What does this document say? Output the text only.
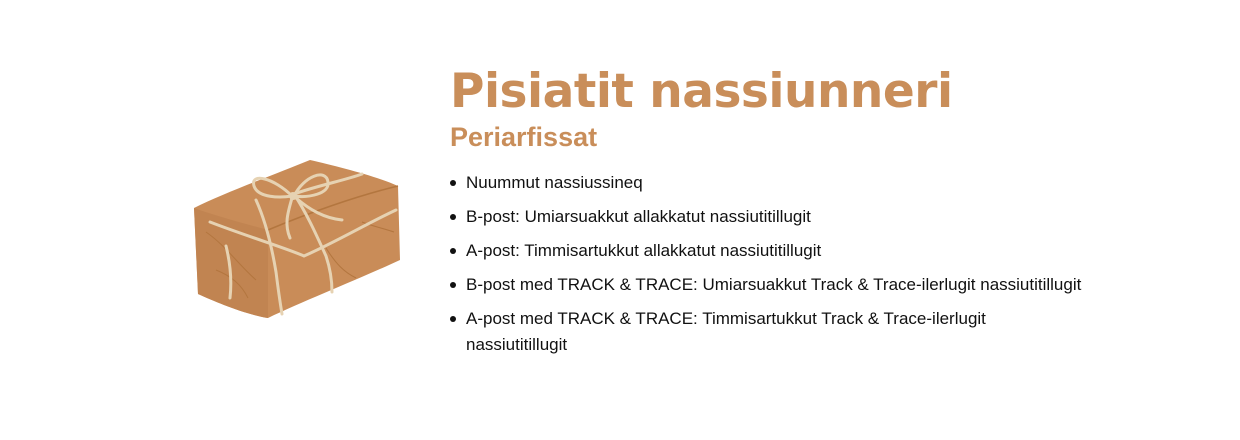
Pisiatit nassiunneri
Periarfissat
Nuummut nassiussineq
B-post: Umiarsuakkut allakkatut nassiutitillugit
A-post: Timmisartukkut allakkatut nassiutitillugit
B-post med TRACK & TRACE: Umiarsuakkut Track & Trace-ilerlugit nassiutitillugit
A-post med TRACK & TRACE: Timmisartukkut Track & Trace-ilerlugit nassiutitillugit
